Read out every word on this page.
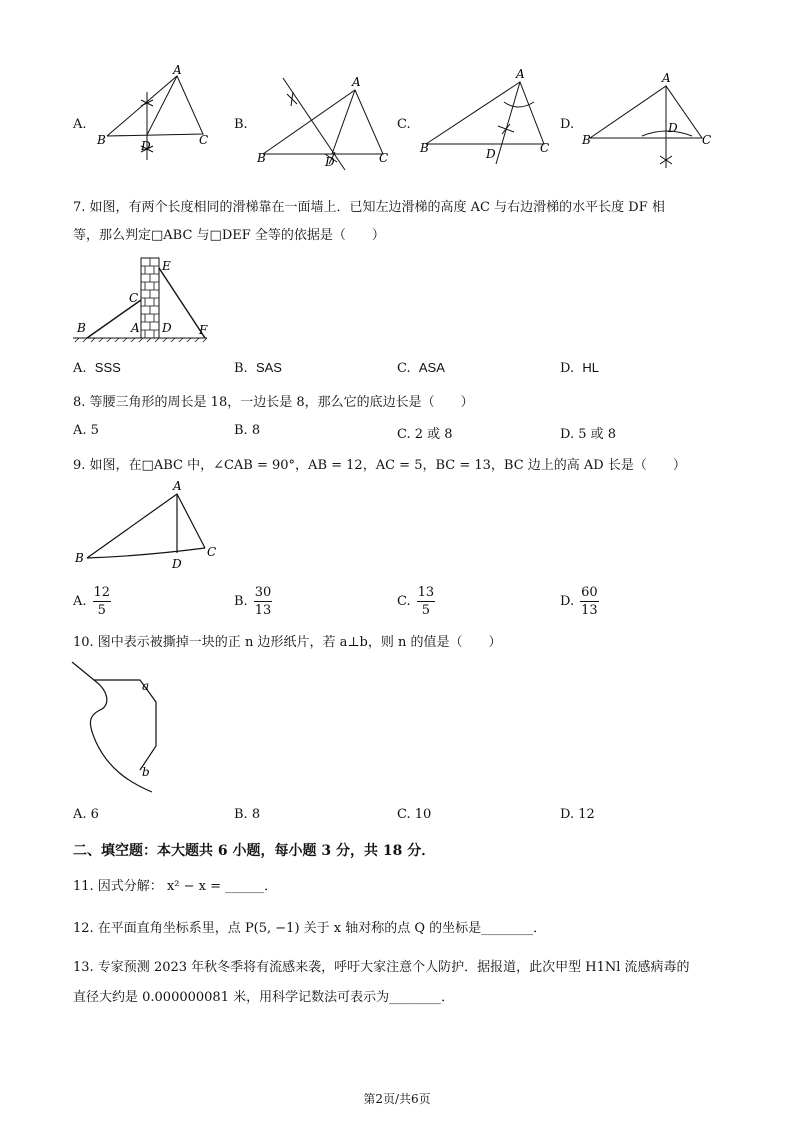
A.
A
B	C
D
B.
A
B	C
D
C.
A
B	C
D
D.
A
B	C
D
7. 如图，有两个长度相同的滑梯靠在一面墙上．已知左边滑梯的高度 AC 与右边滑梯的水平长度 DF 相
等，那么判定□ABC 与□DEF 全等的依据是（　　）
B	A
C
D
E
F
A. SSS	B. SAS	C. ASA	D. HL
8. 等腰三角形的周长是 18，一边长是 8，那么它的底边长是（　　）
A. 5	B. 8	C. 2 或 8	D. 5 或 8
9. 如图，在□ABC 中，∠CAB = 90°，AB = 12，AC = 5，BC = 13，BC 边上的高 AD 长是（　　）
A
B	C
D
A. $\frac{12}{5}$	B. $\frac{30}{13}$	C. $\frac{13}{5}$	D. $\frac{60}{13}$
10. 图中表示被撕掉一块的正 n 边形纸片，若 a⊥b，则 n 的值是（　　）
a
b
A. 6	B. 8	C. 10	D. 12
二、填空题：本大题共 6 小题，每小题 3 分，共 18 分．
11. 因式分解： x² − x = ______．
12. 在平面直角坐标系里，点 P(5, −1) 关于 x 轴对称的点 Q 的坐标是________．
13. 专家预测 2023 年秋冬季将有流感来袭，呼吁大家注意个人防护．据报道，此次甲型 H1Nl 流感病毒的
直径大约是 0.000000081 米，用科学记数法可表示为________．
第2页/共6页
